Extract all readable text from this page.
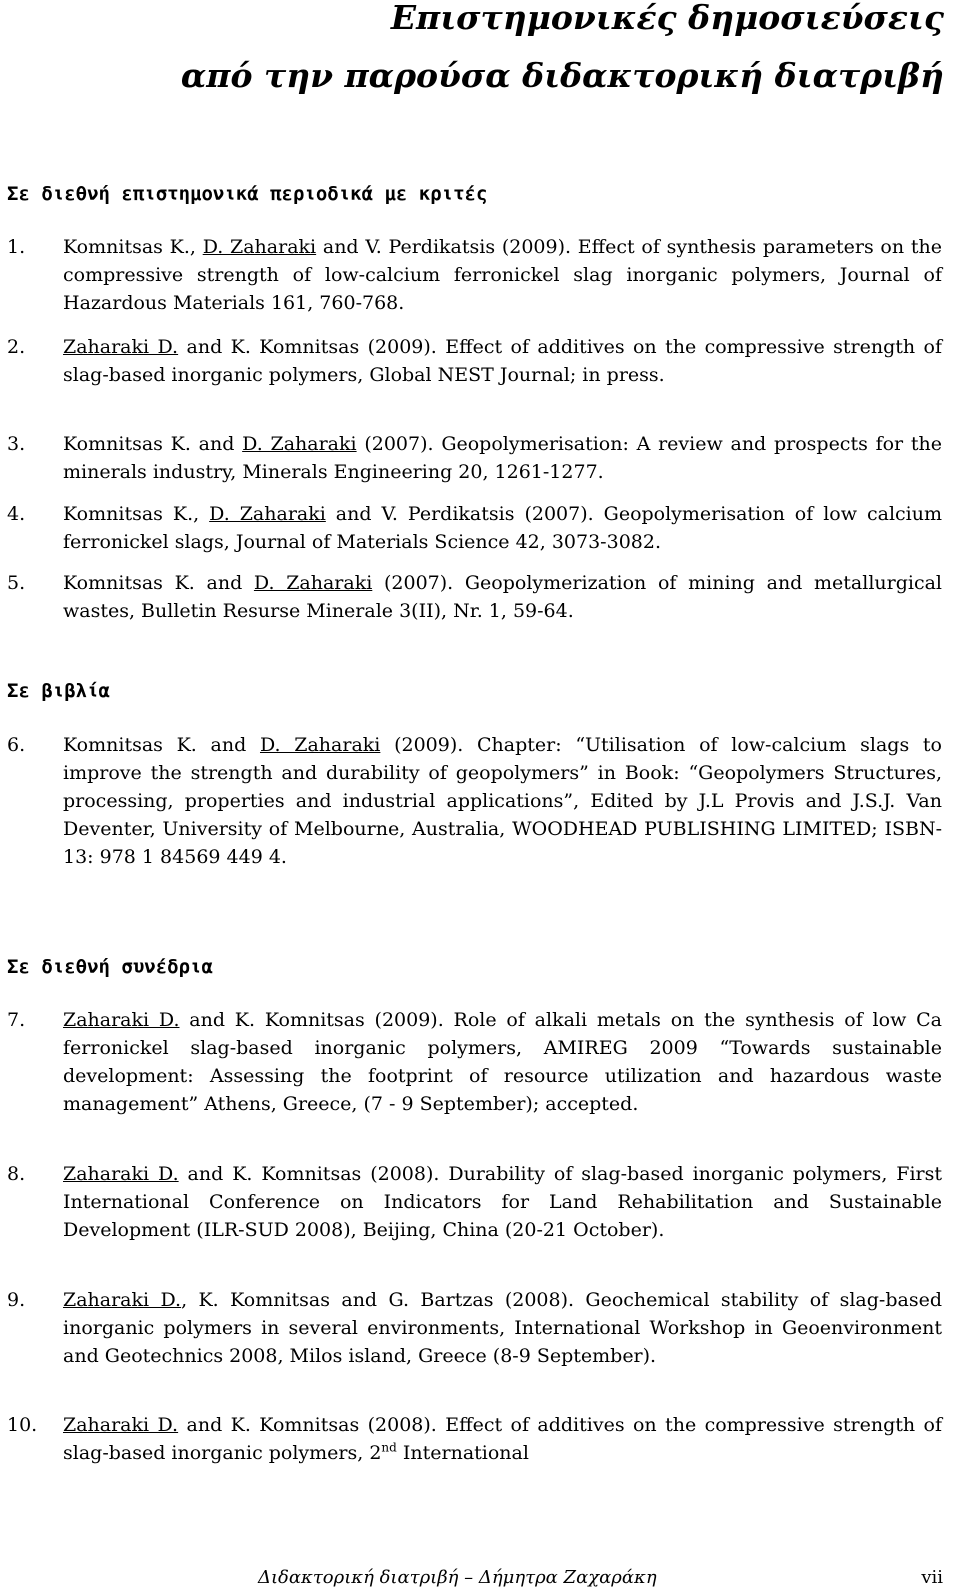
Επιστημονικές δημοσιεύσεις
από την παρούσα διδακτορική διατριβή
Σε διεθνή επιστημονικά περιοδικά με κριτές
1. Komnitsas K., D. Zaharaki and V. Perdikatsis (2009). Effect of synthesis parameters on the compressive strength of low-calcium ferronickel slag inorganic polymers, Journal of Hazardous Materials 161, 760-768.
2. Zaharaki D. and K. Komnitsas (2009). Effect of additives on the compressive strength of slag-based inorganic polymers, Global NEST Journal; in press.
3. Komnitsas K. and D. Zaharaki (2007). Geopolymerisation: A review and prospects for the minerals industry, Minerals Engineering 20, 1261-1277.
4. Komnitsas K., D. Zaharaki and V. Perdikatsis (2007). Geopolymerisation of low calcium ferronickel slags, Journal of Materials Science 42, 3073-3082.
5. Komnitsas K. and D. Zaharaki (2007). Geopolymerization of mining and metallurgical wastes, Bulletin Resurse Minerale 3(II), Nr. 1, 59-64.
Σε βιβλία
6. Komnitsas K. and D. Zaharaki (2009). Chapter: “Utilisation of low-calcium slags to improve the strength and durability of geopolymers” in Book: “Geopolymers Structures, processing, properties and industrial applications”, Edited by J.L Provis and J.S.J. Van Deventer, University of Melbourne, Australia, WOODHEAD PUBLISHING LIMITED; ISBN-13: 978 1 84569 449 4.
Σε διεθνή συνέδρια
7. Zaharaki D. and K. Komnitsas (2009). Role of alkali metals on the synthesis of low Ca ferronickel slag-based inorganic polymers, AMIREG 2009 “Towards sustainable development: Assessing the footprint of resource utilization and hazardous waste management” Athens, Greece, (7 - 9 September); accepted.
8. Zaharaki D. and K. Komnitsas (2008). Durability of slag-based inorganic polymers, First International Conference on Indicators for Land Rehabilitation and Sustainable Development (ILR-SUD 2008), Beijing, China (20-21 October).
9. Zaharaki D., K. Komnitsas and G. Bartzas (2008). Geochemical stability of slag-based inorganic polymers in several environments, International Workshop in Geoenvironment and Geotechnics 2008, Milos island, Greece (8-9 September).
10. Zaharaki D. and K. Komnitsas (2008). Effect of additives on the compressive strength of slag-based inorganic polymers, 2nd International

Διδακτορική διατριβή – Δήμητρα Ζαχαράκη	vii
